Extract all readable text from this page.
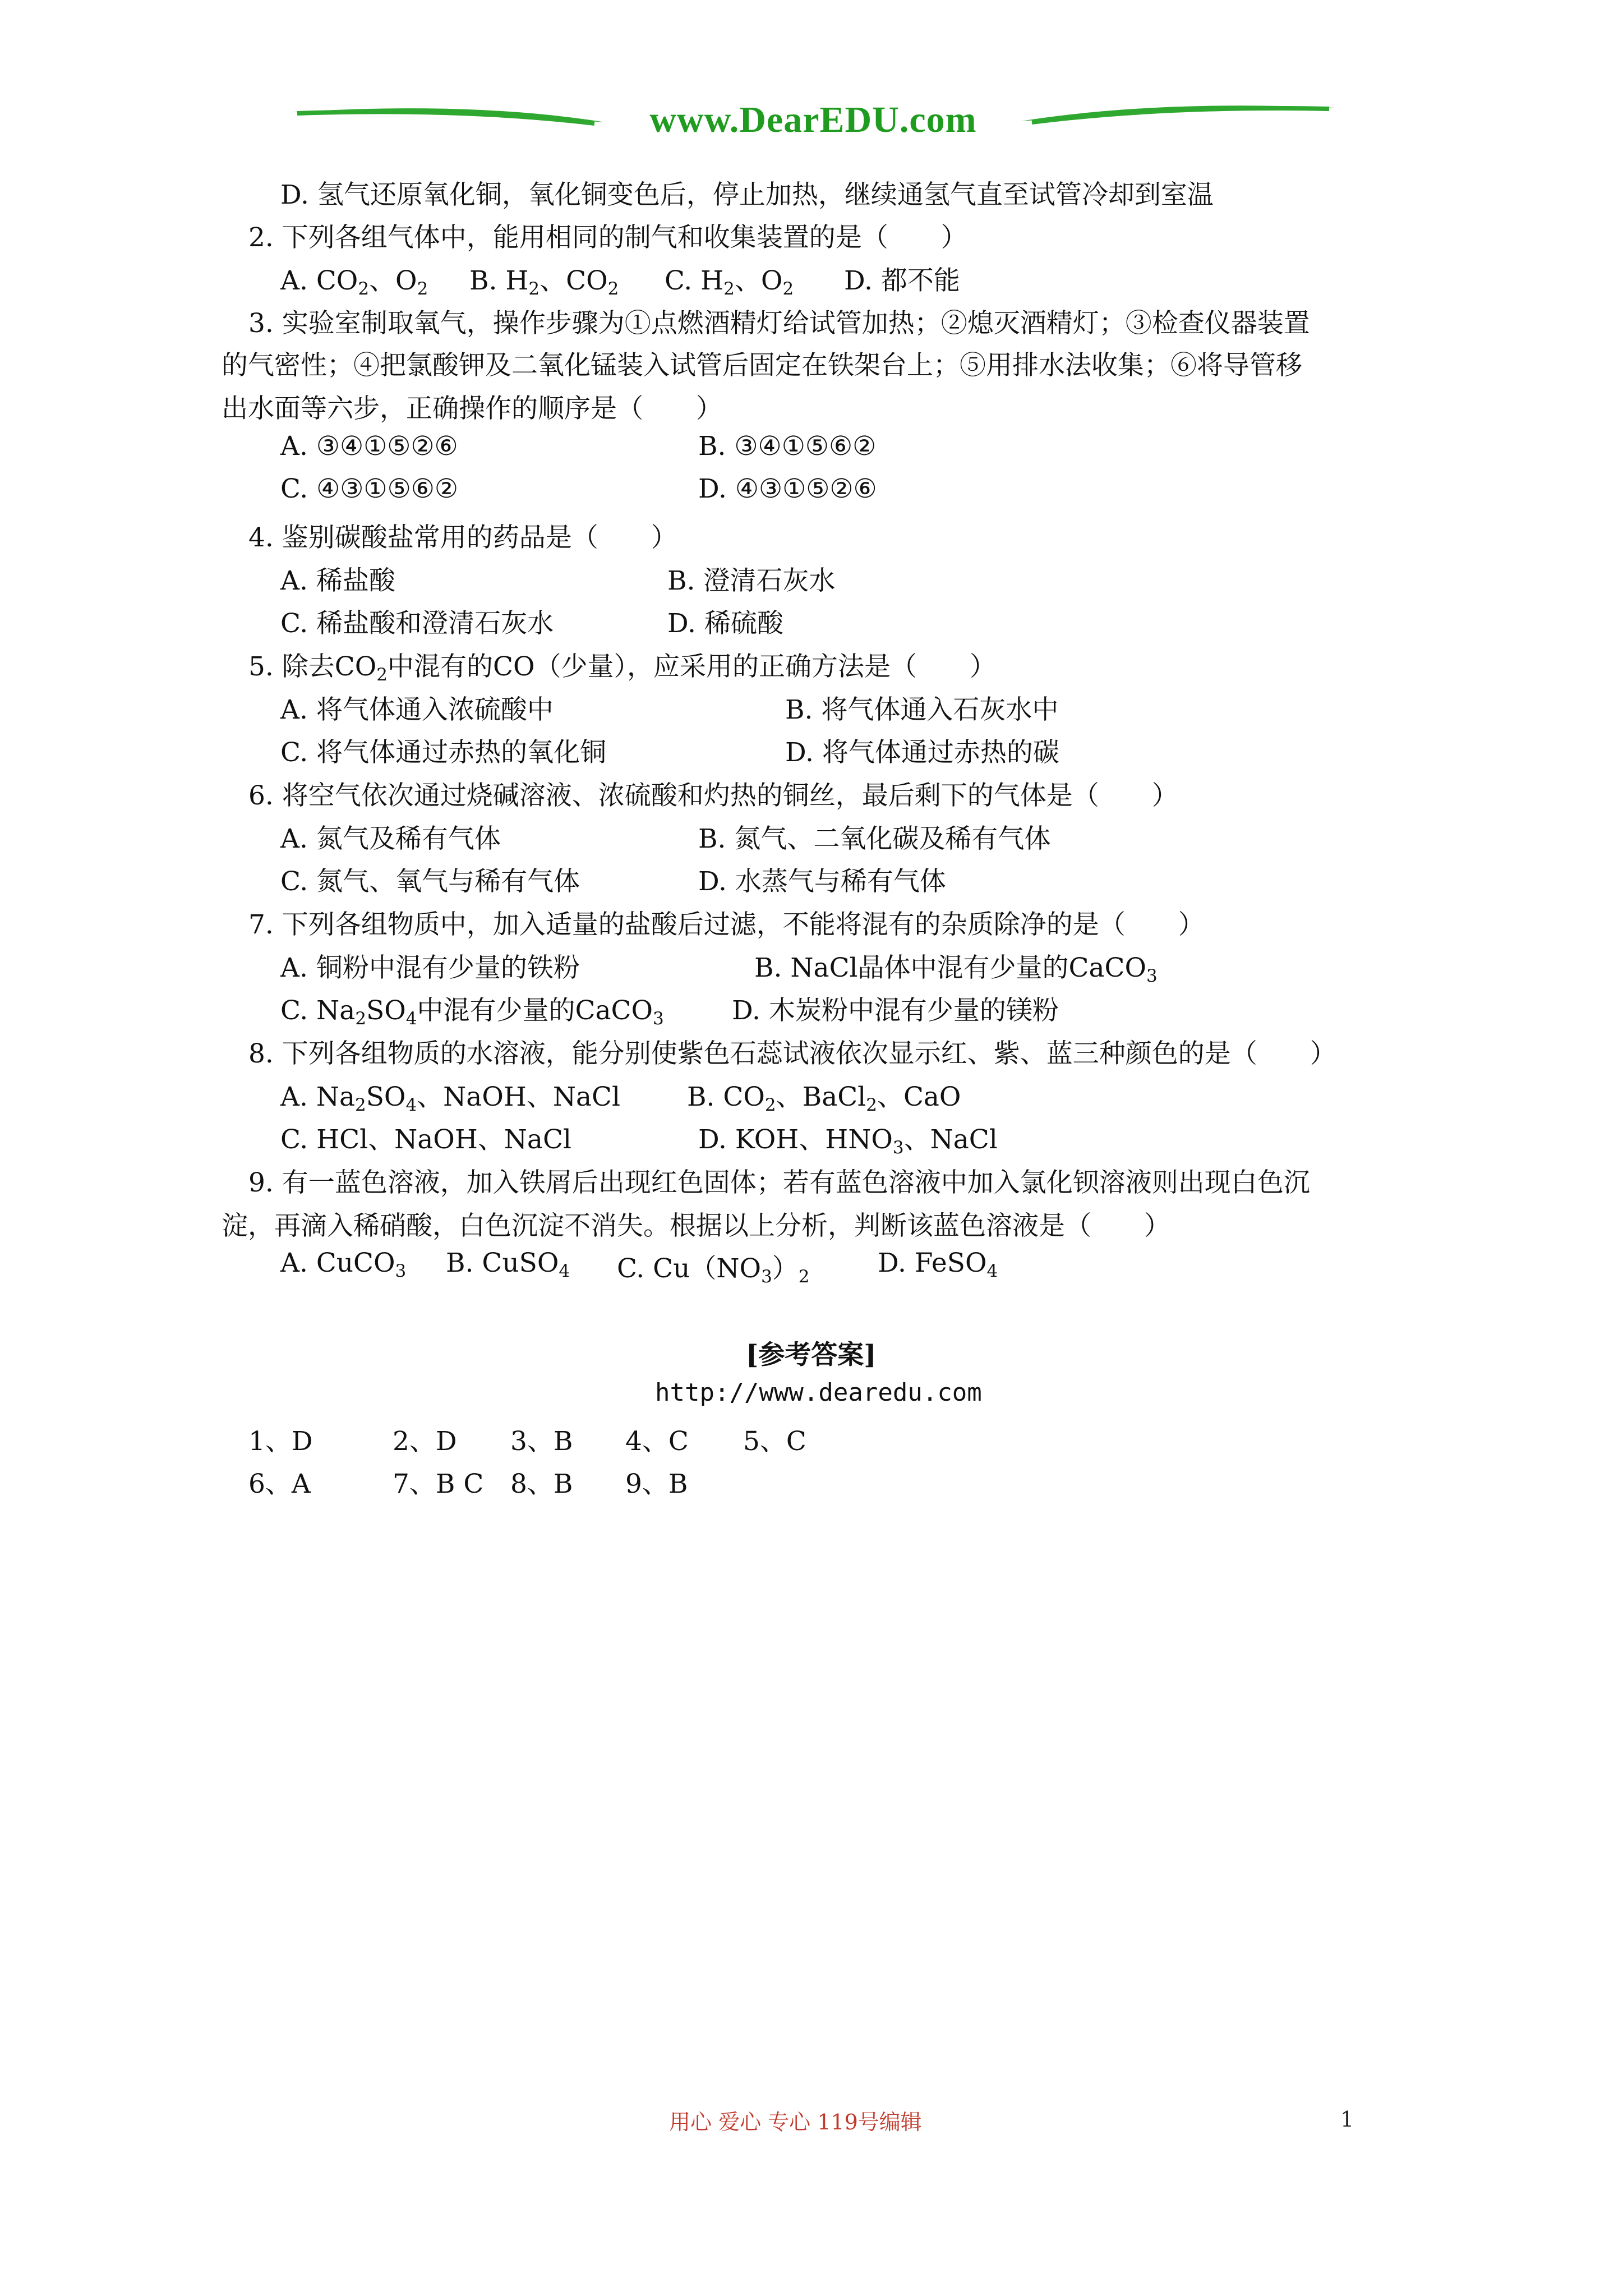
www.DearEDU.com
D. 氢气还原氧化铜，氧化铜变色后，停止加热，继续通氢气直至试管冷却到室温
2. 下列各组气体中，能用相同的制气和收集装置的是（　　）
A. $CO_2$、$O_2$ B. $H_2$、$CO_2$ C. $H_2$、$O_2$ D. 都不能
3. 实验室制取氧气，操作步骤为①点燃酒精灯给试管加热；②熄灭酒精灯；③检查仪器装置
的气密性；④把氯酸钾及二氧化锰装入试管后固定在铁架台上；⑤用排水法收集；⑥将导管移
出水面等六步，正确操作的顺序是（　　）
A. ③④①⑤②⑥	B. ③④①⑤⑥②
C. ④③①⑤⑥②	D. ④③①⑤②⑥
4. 鉴别碳酸盐常用的药品是（　　）
A. 稀盐酸	B. 澄清石灰水
C. 稀盐酸和澄清石灰水	D. 稀硫酸
5. 除去$CO_2$中混有的CO（少量），应采用的正确方法是（　　）
A. 将气体通入浓硫酸中	B. 将气体通入石灰水中
C. 将气体通过赤热的氧化铜	D. 将气体通过赤热的碳
6. 将空气依次通过烧碱溶液、浓硫酸和灼热的铜丝，最后剩下的气体是（　　）
A. 氮气及稀有气体	B. 氮气、二氧化碳及稀有气体
C. 氮气、氧气与稀有气体	D. 水蒸气与稀有气体
7. 下列各组物质中，加入适量的盐酸后过滤，不能将混有的杂质除净的是（　　）
A. 铜粉中混有少量的铁粉	B. NaCl晶体中混有少量的CaCO$_3$
C. $Na_2SO_4$中混有少量的CaCO$_3$	D. 木炭粉中混有少量的镁粉
8. 下列各组物质的水溶液，能分别使紫色石蕊试液依次显示红、紫、蓝三种颜色的是（　　）
A. $Na_2SO_4$、NaOH、NaCl	B. $CO_2$、BaCl$_2$、CaO
C. HCl、NaOH、NaCl	D. KOH、$HNO_3$、NaCl
9. 有一蓝色溶液，加入铁屑后出现红色固体；若有蓝色溶液中加入氯化钡溶液则出现白色沉
淀，再滴入稀硝酸，白色沉淀不消失。根据以上分析，判断该蓝色溶液是（　　）
A. CuCO$_3$ B. CuSO$_4$ C. $Cu(NO_3)_2$	D. FeSO$_4$
[参考答案]
http://www.dearedu.com
1、D	2、D 3、B 4、C 5、C
6、A	7、B C 8、B 9、B
用心 爱心 专心 119号编辑	1
